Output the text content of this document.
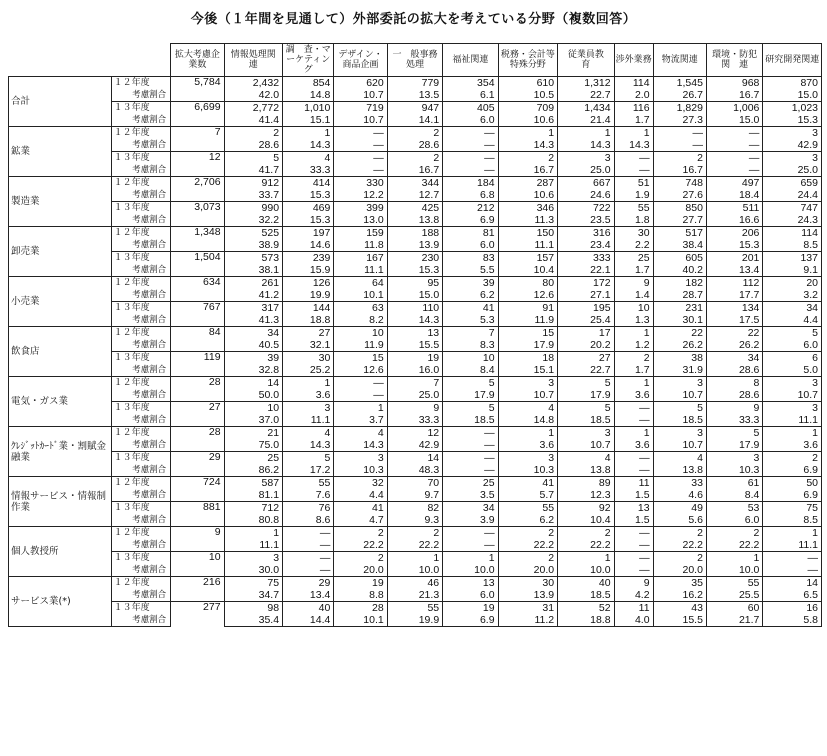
今後（１年間を見通して）外部委託の拡大を考えている分野（複数回答）
		拡大考慮企業数	情報処理関　連	調　査・マーケティング	デザイン・商品企画	一　般事務処理	福祉関連	税務・会計等特殊分野	従業員教　育	渉外業務	物流関連	環境・防犯関　連	研究開発関連
合計	１２年度	5,784	2,432	854	620	779	354	610	1,312	114	1,545	968	870
	考慮割合		42.0	14.8	10.7	13.5	6.1	10.5	22.7	2.0	26.7	16.7	15.0
	１３年度	6,699	2,772	1,010	719	947	405	709	1,434	116	1,829	1,006	1,023
	考慮割合		41.4	15.1	10.7	14.1	6.0	10.6	21.4	1.7	27.3	15.0	15.3
鉱業	１２年度	7	2	1	—	2	—	1	1	1	—	—	3
	考慮割合		28.6	14.3	—	28.6	—	14.3	14.3	14.3	—	—	42.9
	１３年度	12	5	4	—	2	—	2	3	—	2	—	3
	考慮割合		41.7	33.3	—	16.7	—	16.7	25.0	—	16.7	—	25.0
製造業	１２年度	2,706	912	414	330	344	184	287	667	51	748	497	659
	考慮割合		33.7	15.3	12.2	12.7	6.8	10.6	24.6	1.9	27.6	18.4	24.4
	１３年度	3,073	990	469	399	425	212	346	722	55	850	511	747
	考慮割合		32.2	15.3	13.0	13.8	6.9	11.3	23.5	1.8	27.7	16.6	24.3
卸売業	１２年度	1,348	525	197	159	188	81	150	316	30	517	206	114
	考慮割合		38.9	14.6	11.8	13.9	6.0	11.1	23.4	2.2	38.4	15.3	8.5
	１３年度	1,504	573	239	167	230	83	157	333	25	605	201	137
	考慮割合		38.1	15.9	11.1	15.3	5.5	10.4	22.1	1.7	40.2	13.4	9.1
小売業	１２年度	634	261	126	64	95	39	80	172	9	182	112	20
	考慮割合		41.2	19.9	10.1	15.0	6.2	12.6	27.1	1.4	28.7	17.7	3.2
	１３年度	767	317	144	63	110	41	91	195	10	231	134	34
	考慮割合		41.3	18.8	8.2	14.3	5.3	11.9	25.4	1.3	30.1	17.5	4.4
飲食店	１２年度	84	34	27	10	13	7	15	17	1	22	22	5
	考慮割合		40.5	32.1	11.9	15.5	8.3	17.9	20.2	1.2	26.2	26.2	6.0
	１３年度	119	39	30	15	19	10	18	27	2	38	34	6
	考慮割合		32.8	25.2	12.6	16.0	8.4	15.1	22.7	1.7	31.9	28.6	5.0
電気・ガス業	１２年度	28	14	1	—	7	5	3	5	1	3	8	3
	考慮割合		50.0	3.6	—	25.0	17.9	10.7	17.9	3.6	10.7	28.6	10.7
	１３年度	27	10	3	1	9	5	4	5	—	5	9	3
	考慮割合		37.0	11.1	3.7	33.3	18.5	14.8	18.5	—	18.5	33.3	11.1
ｸﾚｼﾞｯﾄｶｰﾄﾞ業・割賦金融業	１２年度	28	21	4	4	12	—	1	3	1	3	5	1
	考慮割合		75.0	14.3	14.3	42.9	—	3.6	10.7	3.6	10.7	17.9	3.6
	１３年度	29	25	5	3	14	—	3	4	—	4	3	2
	考慮割合		86.2	17.2	10.3	48.3	—	10.3	13.8	—	13.8	10.3	6.9
情報サービス・情報制作業	１２年度	724	587	55	32	70	25	41	89	11	33	61	50
	考慮割合		81.1	7.6	4.4	9.7	3.5	5.7	12.3	1.5	4.6	8.4	6.9
	１３年度	881	712	76	41	82	34	55	92	13	49	53	75
	考慮割合		80.8	8.6	4.7	9.3	3.9	6.2	10.4	1.5	5.6	6.0	8.5
個人教授所	１２年度	9	1	—	2	2	—	2	2	—	2	2	1
	考慮割合		11.1	—	22.2	22.2	—	22.2	22.2	—	22.2	22.2	11.1
	１３年度	10	3	—	2	1	1	2	1	—	2	1	—
	考慮割合		30.0	—	20.0	10.0	10.0	20.0	10.0	—	20.0	10.0	—
サービス業(*)	１２年度	216	75	29	19	46	13	30	40	9	35	55	14
	考慮割合		34.7	13.4	8.8	21.3	6.0	13.9	18.5	4.2	16.2	25.5	6.5
	１３年度	277	98	40	28	55	19	31	52	11	43	60	16
	考慮割合		35.4	14.4	10.1	19.9	6.9	11.2	18.8	4.0	15.5	21.7	5.8
